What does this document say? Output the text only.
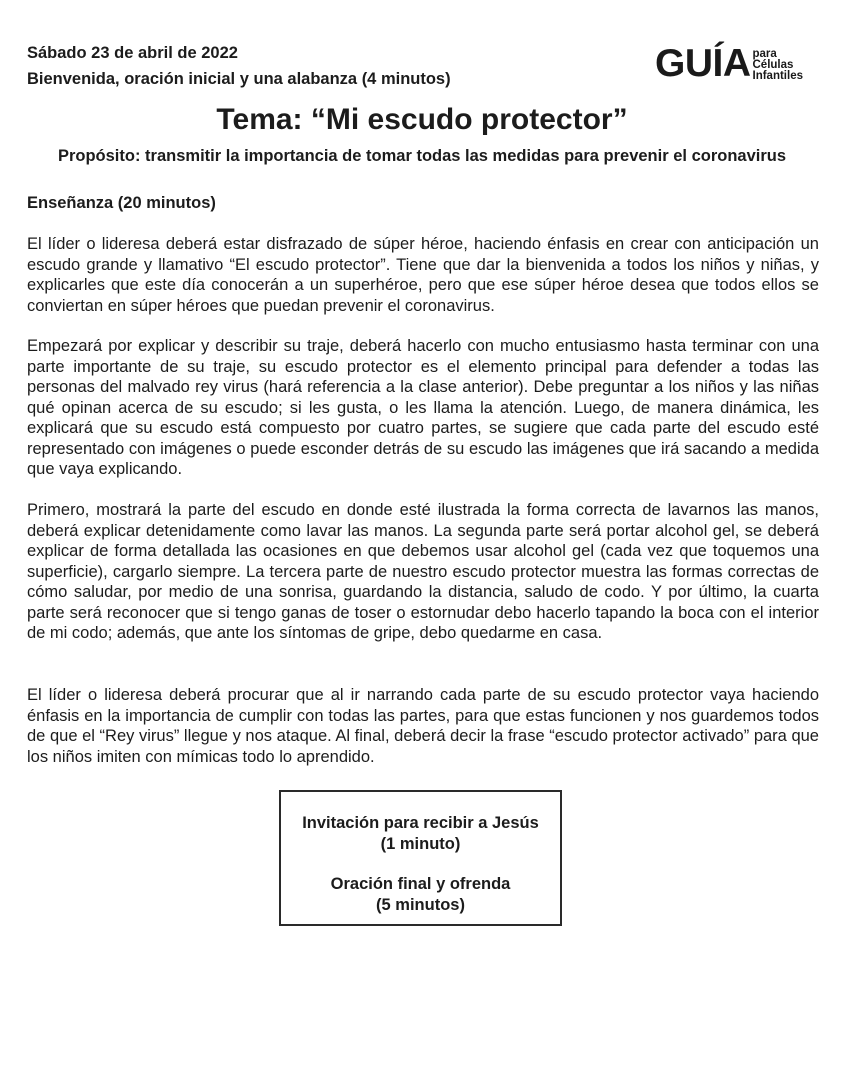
Sábado 23 de abril de 2022
Bienvenida, oración inicial y una alabanza (4 minutos)	GUÍA para
Células
Infantiles
Tema: “Mi escudo protector”
Propósito: transmitir la importancia de tomar todas las medidas para prevenir el coronavirus
Enseñanza (20 minutos)

El líder o lideresa deberá estar disfrazado de súper héroe, haciendo énfasis en crear con anticipación un escudo grande y llamativo “El escudo protector”. Tiene que dar la bienvenida a todos los niños y niñas, y explicarles que este día conocerán a un superhéroe, pero que ese súper héroe desea que todos ellos se conviertan en súper héroes que puedan prevenir el coronavirus.

Empezará por explicar y describir su traje, deberá hacerlo con mucho entusiasmo hasta terminar con una parte importante de su traje, su escudo protector es el elemento principal para defender a todas las personas del malvado rey virus (hará referencia a la clase anterior). Debe preguntar a los niños y las niñas qué opinan acerca de su escudo; si les gusta, o les llama la atención. Luego, de manera dinámica, les explicará que su escudo está compuesto por cuatro partes, se sugiere que cada parte del escudo esté representado con imágenes o puede esconder detrás de su escudo las imágenes que irá sacando a medida que vaya explicando.

Primero, mostrará la parte del escudo en donde esté ilustrada la forma correcta de lavarnos las manos, deberá explicar detenidamente como lavar las manos. La segunda parte será portar alcohol gel, se deberá explicar de forma detallada las ocasiones en que debemos usar alcohol gel (cada vez que toquemos una superficie), cargarlo siempre. La tercera parte de nuestro escudo protector muestra las formas correctas de cómo saludar, por medio de una sonrisa, guardando la distancia, saludo de codo. Y por último, la cuarta parte será reconocer que si tengo ganas de toser o estornudar debo hacerlo tapando la boca con el interior de mi codo; además, que ante los síntomas de gripe, debo quedarme en casa.

El líder o lideresa deberá procurar que al ir narrando cada parte de su escudo protector vaya haciendo énfasis en la importancia de cumplir con todas las partes, para que estas funcionen y nos guardemos todos de que el “Rey virus” llegue y nos ataque. Al final, deberá decir la frase “escudo protector activado” para que los niños imiten con mímicas todo lo aprendido.

Invitación para recibir a Jesús
(1 minuto)
Oración final y ofrenda
(5 minutos)
